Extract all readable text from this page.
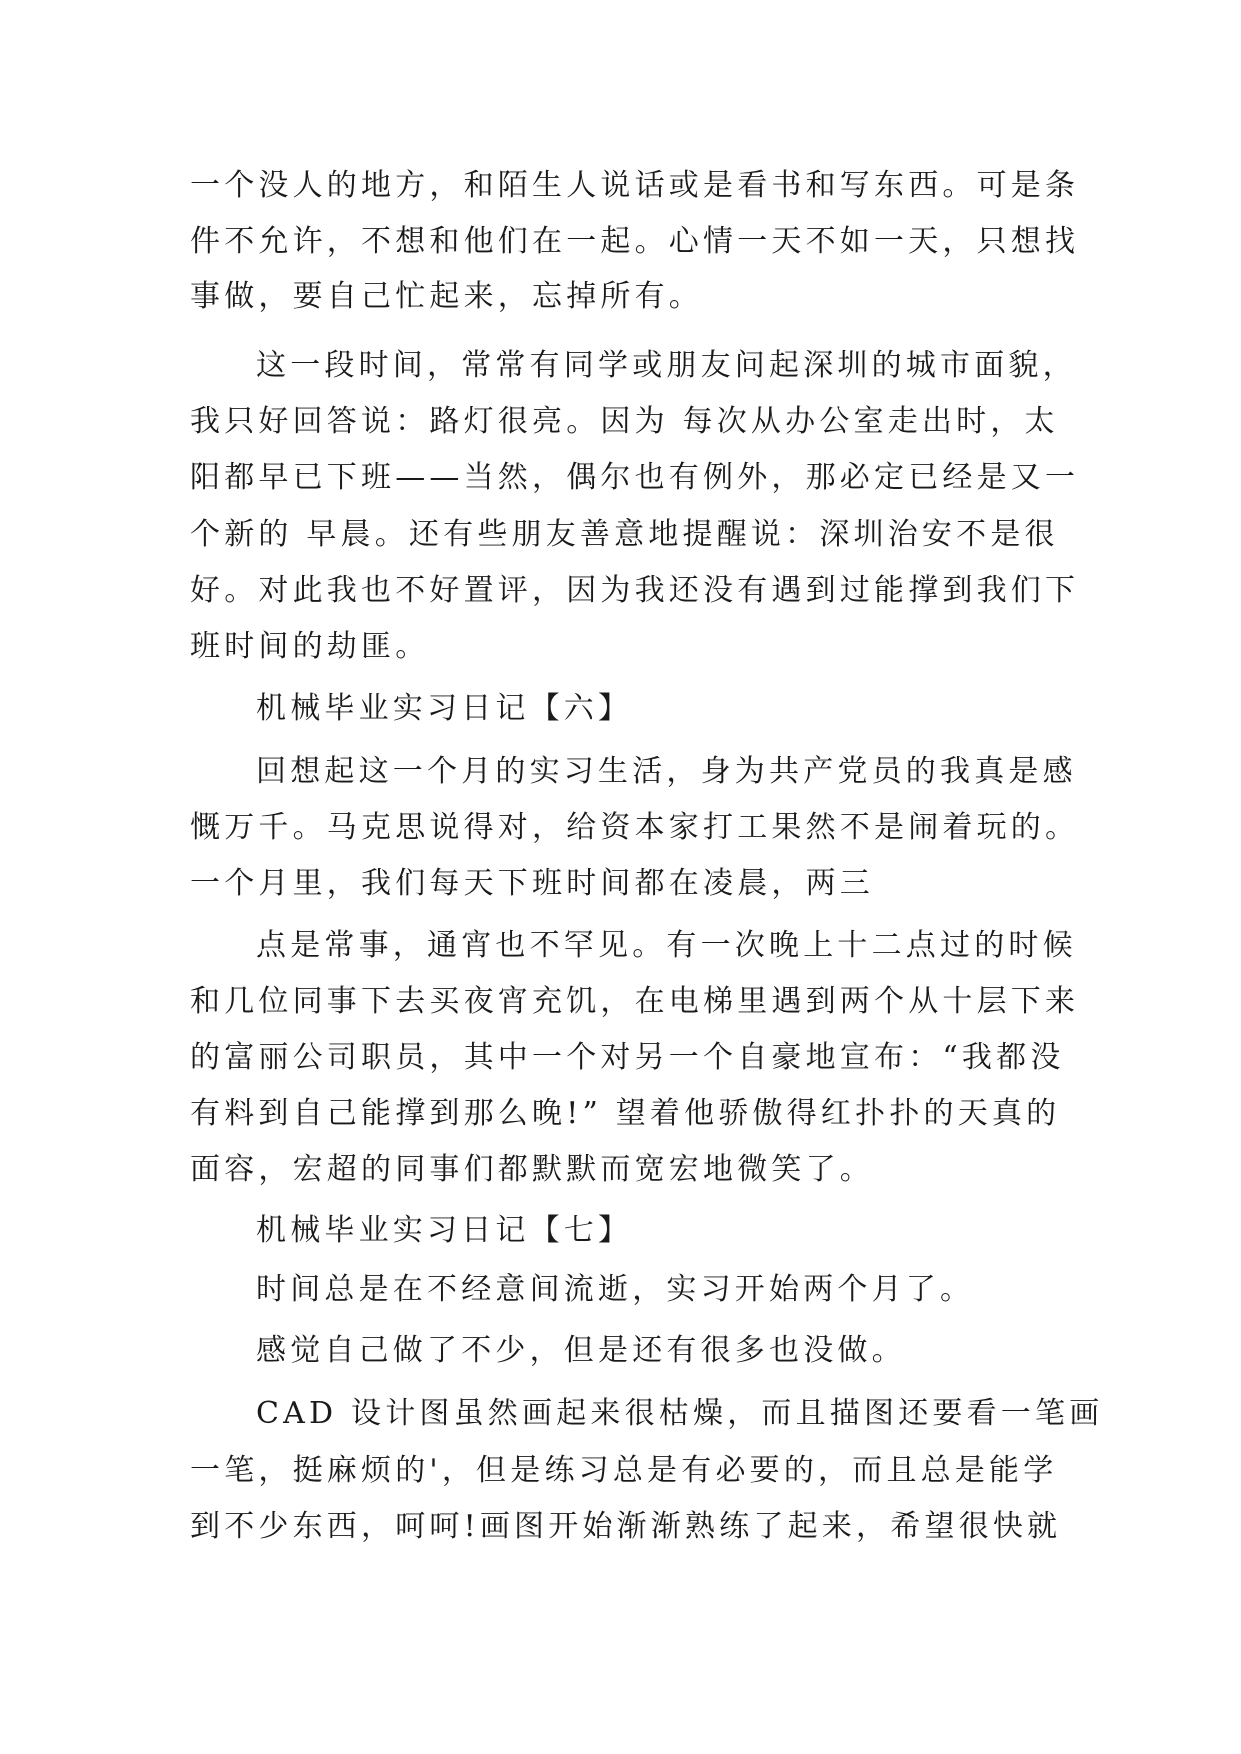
一个没人的地方，和陌生人说话或是看书和写东西。可是条
件不允许，不想和他们在一起。心情一天不如一天，只想找
事做，要自己忙起来，忘掉所有。
这一段时间，常常有同学或朋友问起深圳的城市面貌，
我只好回答说：路灯很亮。因为 每次从办公室走出时，太
阳都早已下班——当然，偶尔也有例外，那必定已经是又一
个新的 早晨。还有些朋友善意地提醒说：深圳治安不是很
好。对此我也不好置评，因为我还没有遇到过能撑到我们下
班时间的劫匪。
机械毕业实习日记【六】
回想起这一个月的实习生活，身为共产党员的我真是感
慨万千。马克思说得对，给资本家打工果然不是闹着玩的。
一个月里，我们每天下班时间都在凌晨，两三
点是常事，通宵也不罕见。有一次晚上十二点过的时候
和几位同事下去买夜宵充饥，在电梯里遇到两个从十层下来
的富丽公司职员，其中一个对另一个自豪地宣布：“我都没
有料到自己能撑到那么晚!” 望着他骄傲得红扑扑的天真的
面容，宏超的同事们都默默而宽宏地微笑了。
机械毕业实习日记【七】
时间总是在不经意间流逝，实习开始两个月了。
感觉自己做了不少，但是还有很多也没做。
CAD 设计图虽然画起来很枯燥，而且描图还要看一笔画
一笔，挺麻烦的'，但是练习总是有必要的，而且总是能学
到不少东西，呵呵!画图开始渐渐熟练了起来，希望很快就
